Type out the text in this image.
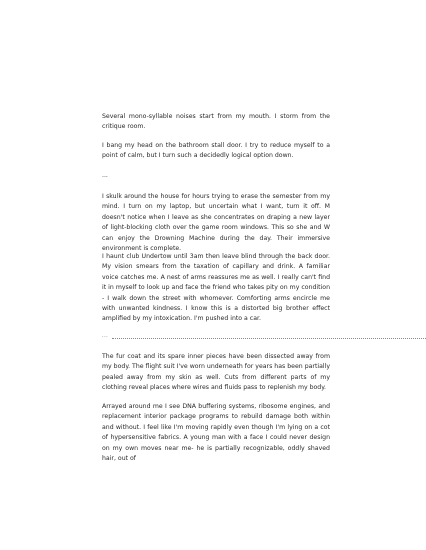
Several mono-syllable noises start from my mouth. I storm from the critique room.

I bang my head on the bathroom stall door. I try to reduce myself to a point of calm, but I turn such a decidedly logical option down.

...

I skulk around the house for hours trying to erase the semester from my mind. I turn on my laptop, but uncertain what I want, turn it off. M doesn't notice when I leave as she concentrates on draping a new layer of light-blocking cloth over the game room windows. This so she and W can enjoy the Drowning Machine during the day. Their immersive environment is complete.

I haunt club Undertow until 3am then leave blind through the back door. My vision smears from the taxation of capillary and drink. A familiar voice catches me. A nest of arms reassures me as well. I really can't find it in myself to look up and face the friend who takes pity on my condition - I walk down the street with whomever. Comforting arms encircle me with unwanted kindness. I know this is a distorted big brother effect amplified by my intoxication. I'm pushed into a car.

...

The fur coat and its spare inner pieces have been dissected away from my body. The flight suit I've worn underneath for years has been partially pealed away from my skin as well. Cuts from different parts of my clothing reveal places where wires and fluids pass to replenish my body.

Arrayed around me I see DNA buffering systems, ribosome engines, and replacement interior package programs to rebuild damage both within and without. I feel like I'm moving rapidly even though I'm lying on a cot of hypersensitive fabrics. A young man with a face I could never design on my own moves near me- he is partially recognizable, oddly shaved hair, out of
